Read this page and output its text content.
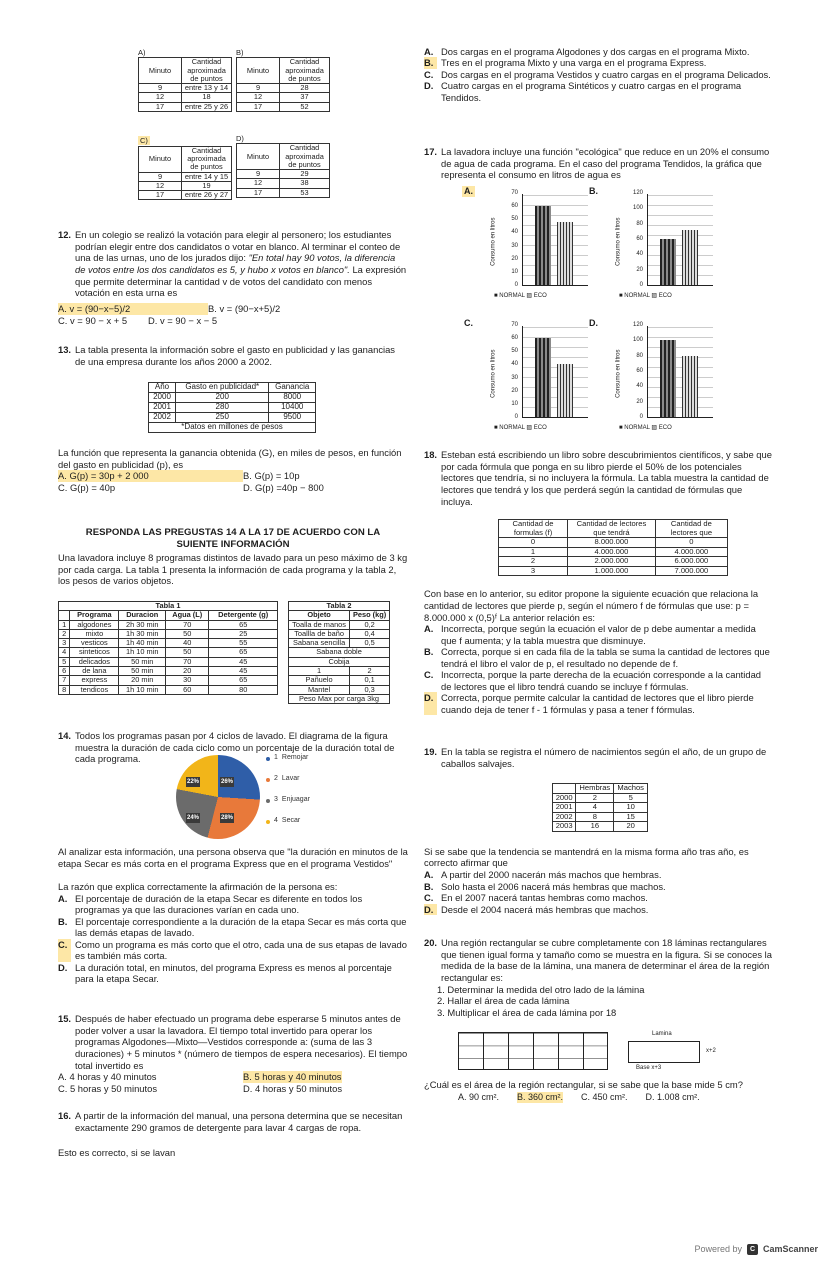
A)
Minuto	Cantidad aproximada de puntos
9	entre 13 y 14
12	18
17	entre 25 y 26
B)
Minuto	Cantidad aproximada de puntos
9	28
12	37
17	52
C)
Minuto	Cantidad aproximada de puntos
9	entre 14 y 15
12	19
17	entre 26 y 27
D)
Minuto	Cantidad aproximada de puntos
9	29
12	38
17	53
12. En un colegio se realizó la votación para elegir al personero; los estudiantes podrían elegir entre dos candidatos o votar en blanco. Al terminar el conteo de una de las urnas, uno de los jurados dijo: "En total hay 90 votos, la diferencia de votos entre los dos candidatos es 5, y hubo x votos en blanco". La expresión que permite determinar la cantidad v de votos del candidato con menos votación en esta urna es
A. v = (90−x−5)/2	B. v = (90−x+5)/2
C. v = 90 − x + 5	D. v = 90 − x − 5
13. La tabla presenta la información sobre el gasto en publicidad y las ganancias de una empresa durante los años 2000 a 2002.
Año	Gasto en publicidad*	Ganancia
2000	200	8000
2001	280	10400
2002	250	9500
*Datos en millones de pesos		
La función que representa la ganancia obtenida (G), en miles de pesos, en función del gasto en publicidad (p), es
A. G(p) = 30p + 2 000	B. G(p) = 10p
C. G(p) = 40p	D. G(p) =40p − 800
RESPONDA LAS PREGUSTAS 14 A LA 17 DE ACUERDO CON LA SUIENTE INFORMACIÓN
Una lavadora incluye 8 programas distintos de lavado para un peso máximo de 3 kg por cada carga. La tabla 1 presenta la información de cada programa y la tabla 2, los pesos de varios objetos.
Tabla 1				
	Programa	Duracion	Agua (L)	Detergente (g)
1	algodones	2h 30 min	70	65
2	mixto	1h 30 min	50	25
3	vesticos	1h 40 min	40	55
4	sinteticos	1h 10 min	50	65
5	delicados	50 min	70	45
6	de lana	50 min	20	45
7	express	20 min	30	65
8	tendicos	1h 10 min	60	80
Tabla 2	
Objeto	Peso (kg)
Toalla de manos	0,2
Toallla de baño	0,4
Sabana sencilla	0,5
Sabana doble	
Cobija	
1	2
Pañuelo	0,1
Mantel	0,3
Peso Max por carga 3kg	
14. Todos los programas pasan por 4 ciclos de lavado. El diagrama de la figura muestra la duración de cada ciclo como un porcentaje de la duración total de cada programa.
26%
28%
24%
22%
1 Remojar
2 Lavar
3 Enjuagar
4 Secar
Al analizar esta información, una persona observa que "la duración en minutos de la etapa Secar es más corta en el programa Express que en el programa Vestidos"
La razón que explica correctamente la afirmación de la persona es:
A. El porcentaje de duración de la etapa Secar es diferente en todos los programas ya que las duraciones varían en cada uno.
B. El porcentaje correspondiente a la duración de la etapa Secar es más corta que las demás etapas de lavado.
C. Como un programa es más corto que el otro, cada una de sus etapas de lavado es también más corta.
D. La duración total, en minutos, del programa Express es menos al porcentaje para la etapa Secar.
15. Después de haber efectuado un programa debe esperarse 5 minutos antes de poder volver a usar la lavadora. El tiempo total invertido para operar los programas Algodones—Mixto—Vestidos corresponde a: (suma de las 3 duraciones) + 5 minutos * (número de tiempos de espera necesarios). El tiempo total invertido es
A. 4 horas y 40 minutos	B. 5 horas y 40 minutos
C. 5 horas y 50 minutos	D. 4 horas y 50 minutos
16. A partir de la información del manual, una persona determina que se necesitan exactamente 290 gramos de detergente para lavar 4 cargas de ropa.
Esto es correcto, si se lavan
A. Dos cargas en el programa Algodones y dos cargas en el programa Mixto.
B. Tres en el programa Mixto y una varga en el programa Express.
C. Dos cargas en el programa Vestidos y cuatro cargas en el programa Delicados.
D. Cuatro cargas en el programa Sintéticos y cuatro cargas en el programa Tendidos.
17. La lavadora incluye una función "ecológica" que reduce en un 20% el consumo de agua de cada programa. En el caso del programa Tendidos, la gráfica que representa el consumo en litros de agua es
A.
Consumo en litros
70
60
50
40
30
20
10
0
■ NORMAL ▨ ECO
B.
Consumo en litros
120
100
80
60
40
20
0
■ NORMAL ▨ ECO
C.
Consumo en litros
70
60
50
40
30
20
10
0
■ NORMAL ▨ ECO
D.
Consumo en litros
120
100
80
60
40
20
0
■ NORMAL ▨ ECO
18. Esteban está escribiendo un libro sobre descubrimientos científicos, y sabe que por cada fórmula que ponga en su libro pierde el 50% de los potenciales lectores que tendría, si no incluyera la fórmula. La tabla muestra la cantidad de lectores que tendrá y los que perderá según la cantidad de fórmulas que incluya.
Cantidad de formulas (f)	Cantidad de lectores que tendrá	Cantidad de lectores que
0	8.000.000	0
1	4.000.000	4.000.000
2	2.000.000	6.000.000
3	1.000.000	7.000.000
Con base en lo anterior, su editor propone la siguiente ecuación que relaciona la cantidad de lectores que pierde p, según el número f de fórmulas que use: p = 8.000.000 x (0,5)ᶠ La anterior relación es:
A. Incorrecta, porque según la ecuación el valor de p debe aumentar a medida que f aumenta; y la tabla muestra que disminuye.
B. Correcta, porque si en cada fila de la tabla se suma la cantidad de lectores que tendrá el libro el valor de p, el resultado no depende de f.
C. Incorrecta, porque la parte derecha de la ecuación corresponde a la cantidad de lectores que el libro tendrá cuando se incluye f fórmulas.
D. Correcta, porque permite calcular la cantidad de lectores que el libro pierde cuando deja de tener f - 1 fórmulas y pasa a tener f fórmulas.
19. En la tabla se registra el número de nacimientos según el año, de un grupo de caballos salvajes.
	Hembras	Machos
2000	2	5
2001	4	10
2002	8	15
2003	16	20
Si se sabe que la tendencia se mantendrá en la misma forma año tras año, es correcto afirmar que
A. A partir del 2000 nacerán más machos que hembras.
B. Solo hasta el 2006 nacerá más hembras que machos.
C. En el 2007 nacerá tantas hembras como machos.
D. Desde el 2004 nacerá más hembras que machos.
20. Una región rectangular se cubre completamente con 18 láminas rectangulares que tienen igual forma y tamaño como se muestra en la figura. Si se conoces la medida de la base de la lámina, una manera de determinar el área de la región rectangular es:
1. Determinar la medida del otro lado de la lámina
2. Hallar el área de cada lámina
3. Multiplicar el área de cada lámina por 18
Lamina
x+2
Base x+3
¿Cuál es el área de la región rectangular, si se sabe que la base mide 5 cm?
A. 90 cm². B. 360 cm². C. 450 cm². D. 1.008 cm².
Powered by	C CamScanner
